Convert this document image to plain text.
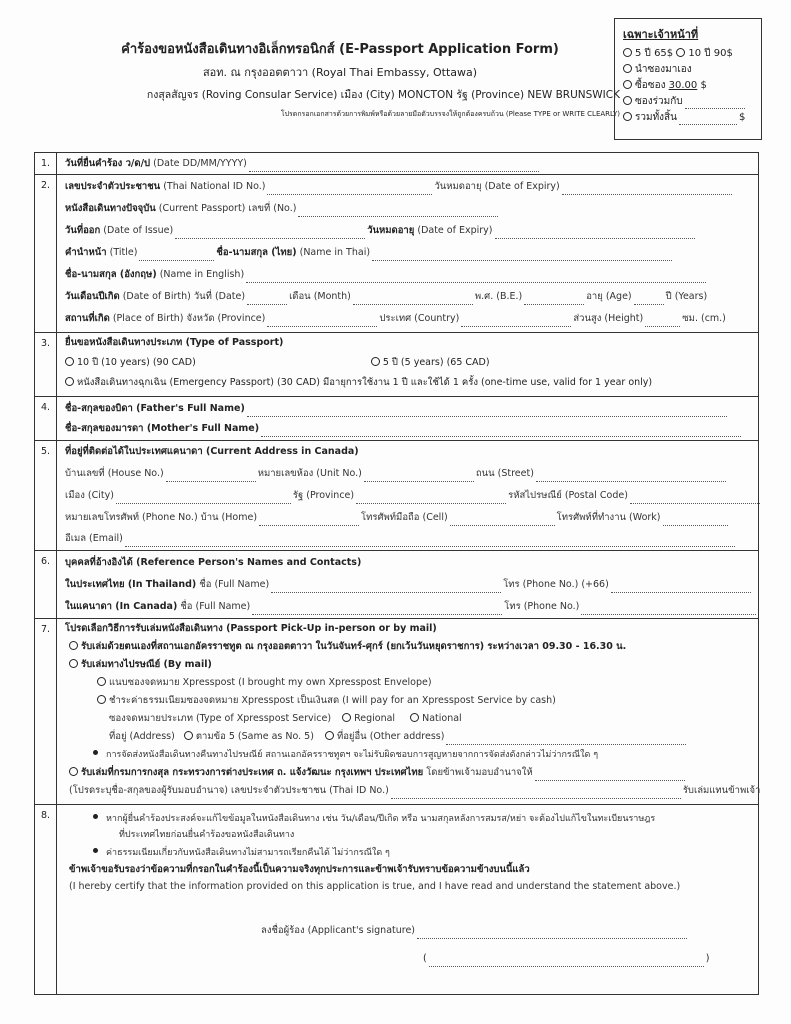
คำร้องขอหนังสือเดินทางอิเล็กทรอนิกส์ (E-Passport Application Form)
สอท. ณ กรุงออตตาวา (Royal Thai Embassy, Ottawa)
กงสุลสัญจร (Roving Consular Service) เมือง (City) MONCTON รัฐ (Province) NEW BRUNSWICK
โปรดกรอกเอกสารด้วยการพิมพ์หรือด้วยลายมือตัวบรรจงให้ถูกต้องครบถ้วน (Please TYPE or WRITE CLEARLY)
เฉพาะเจ้าหน้าที่
5 ปี 65$ 10 ปี 90$
นำซองมาเอง
ซื้อซอง 30.00 $
ซองร่วมกับ
รวมทั้งสิ้น	$
1.	วันที่ยื่นคำร้อง ว/ด/ป (Date DD/MM/YYYY)
2.	เลขประจำตัวประชาชน (Thai National ID No.)	วันหมดอายุ (Date of Expiry)
หนังสือเดินทางปัจจุบัน (Current Passport) เลขที่ (No.)
วันที่ออก (Date of Issue)	วันหมดอายุ (Date of Expiry)
คำนำหน้า (Title)	ชื่อ-นามสกุล (ไทย) (Name in Thai)
ชื่อ-นามสกุล (อังกฤษ) (Name in English)
วันเดือนปีเกิด (Date of Birth) วันที่ (Date)	เดือน (Month)	พ.ศ. (B.E.)	อายุ (Age)	ปี (Years)
สถานที่เกิด (Place of Birth) จังหวัด (Province)	ประเทศ (Country)	ส่วนสูง (Height)	ซม. (cm.)
3.	ยื่นขอหนังสือเดินทางประเภท (Type of Passport)
10 ปี (10 years) (90 CAD)	5 ปี (5 years) (65 CAD)
หนังสือเดินทางฉุกเฉิน (Emergency Passport) (30 CAD) มีอายุการใช้งาน 1 ปี และใช้ได้ 1 ครั้ง (one-time use, valid for 1 year only)
4.	ชื่อ-สกุลของบิดา (Father's Full Name)
ชื่อ-สกุลของมารดา (Mother's Full Name)
5.	ที่อยู่ที่ติดต่อได้ในประเทศแคนาดา (Current Address in Canada)
บ้านเลขที่ (House No.)	หมายเลขห้อง (Unit No.)	ถนน (Street)
เมือง (City)	รัฐ (Province)	รหัสไปรษณีย์ (Postal Code)
หมายเลขโทรศัพท์ (Phone No.) บ้าน (Home)	โทรศัพท์มือถือ (Cell)	โทรศัพท์ที่ทำงาน (Work)
อีเมล (Email)
6.	บุคคลที่อ้างอิงได้ (Reference Person's Names and Contacts)
ในประเทศไทย (In Thailand) ชื่อ (Full Name)	โทร (Phone No.) (+66)
ในแคนาดา (In Canada) ชื่อ (Full Name)	โทร (Phone No.)
7.	โปรดเลือกวิธีการรับเล่มหนังสือเดินทาง (Passport Pick-Up in-person or by mail)
รับเล่มด้วยตนเองที่สถานเอกอัครราชทูต ณ กรุงออตตาวา ในวันจันทร์-ศุกร์ (ยกเว้นวันหยุดราชการ) ระหว่างเวลา 09.30 - 16.30 น.
รับเล่มทางไปรษณีย์ (By mail)
แนบซองจดหมาย Xpresspost (I brought my own Xpresspost Envelope)
ชำระค่าธรรมเนียมซองจดหมาย Xpresspost เป็นเงินสด (I will pay for an Xpresspost Service by cash)
ซองจดหมายประเภท (Type of Xpresspost Service) Regional	National
ที่อยู่ (Address) ตามข้อ 5 (Same as No. 5) ที่อยู่อื่น (Other address)
การจัดส่งหนังสือเดินทางคืนทางไปรษณีย์ สถานเอกอัครราชทูตฯ จะไม่รับผิดชอบการสูญหายจากการจัดส่งดังกล่าวไม่ว่ากรณีใด ๆ
รับเล่มที่กรมการกงสุล กระทรวงการต่างประเทศ ถ. แจ้งวัฒนะ กรุงเทพฯ ประเทศไทย โดยข้าพเจ้ามอบอำนาจให้
(โปรดระบุชื่อ-สกุลของผู้รับมอบอำนาจ) เลขประจำตัวประชาชน (Thai ID No.)	รับเล่มแทนข้าพเจ้า
8.	หากผู้ยื่นคำร้องประสงค์จะแก้ไขข้อมูลในหนังสือเดินทาง เช่น วัน/เดือน/ปีเกิด หรือ นามสกุลหลังการสมรส/หย่า จะต้องไปแก้ไขในทะเบียนราษฎร
ที่ประเทศไทยก่อนยื่นคำร้องขอหนังสือเดินทาง
ค่าธรรมเนียมเกี่ยวกับหนังสือเดินทางไม่สามารถเรียกคืนได้ ไม่ว่ากรณีใด ๆ
ข้าพเจ้าขอรับรองว่าข้อความที่กรอกในคำร้องนี้เป็นความจริงทุกประการและข้าพเจ้ารับทราบข้อความข้างบนนี้แล้ว
(I hereby certify that the information provided on this application is true, and I have read and understand the statement above.)
ลงชื่อผู้ร้อง (Applicant's signature)
(	)
